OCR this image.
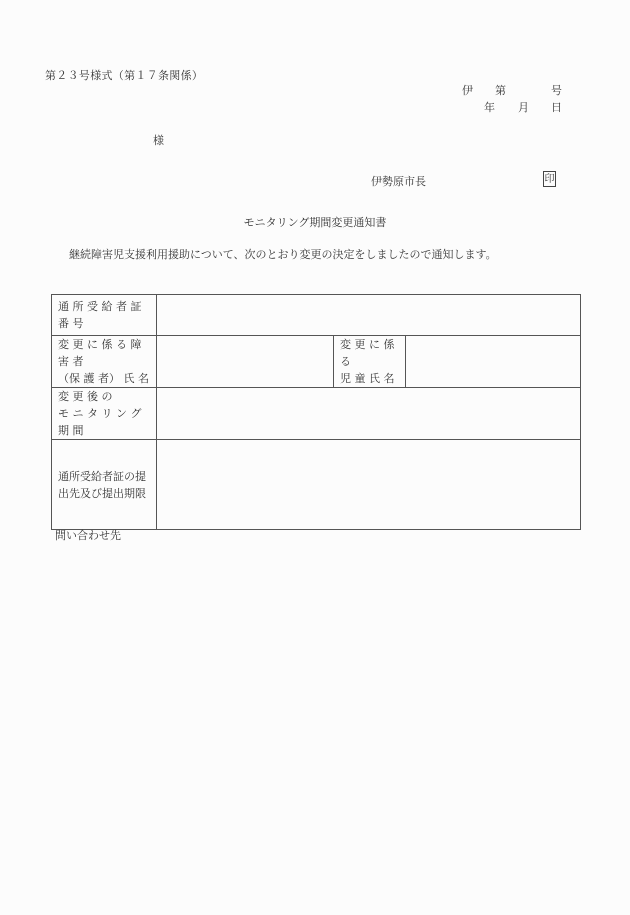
第２３号様式（第１７条関係）
伊 第	号
年 月 日
様
伊勢原市長	印
モニタリング期間変更通知書
継続障害児支援利用援助について、次のとおり変更の決定をしましたので通知します。
通 所 受 給 者 証
番 号			

変 更 に 係 る 障 害 者
（保 護 者） 氏 名		変 更 に 係 る
児 童 氏 名	

変 更 後 の
モ ニ タ リ ン グ 期 間			

通所受給者証の提
出先及び提出期限			

問い合わせ先
